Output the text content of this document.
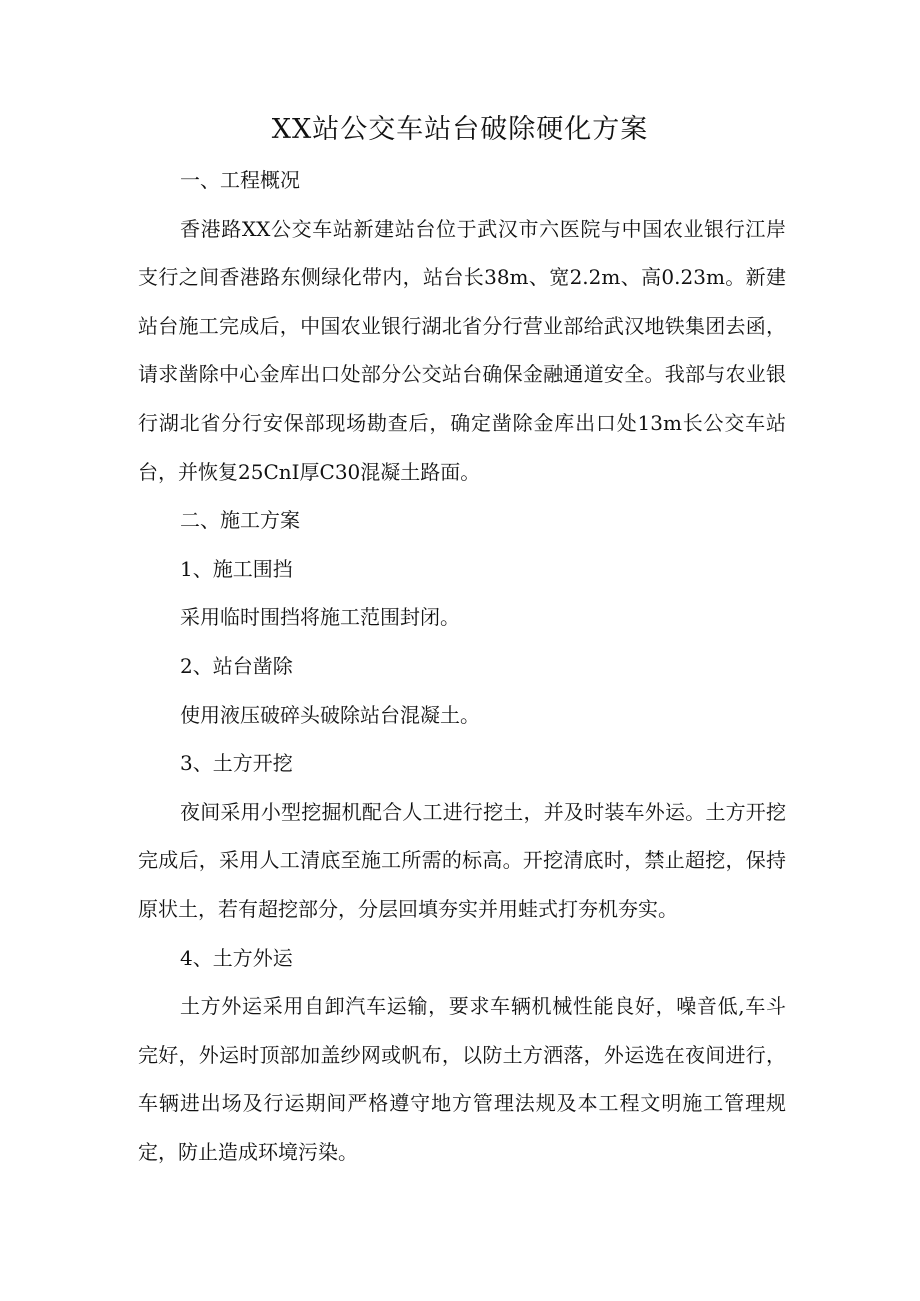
XX站公交车站台破除硬化方案

一、工程概况

香港路XX公交车站新建站台位于武汉市六医院与中国农业银行江岸支行之间香港路东侧绿化带内，站台长38m、宽2.2m、高0.23m。新建站台施工完成后，中国农业银行湖北省分行营业部给武汉地铁集团去函，请求凿除中心金库出口处部分公交站台确保金融通道安全。我部与农业银行湖北省分行安保部现场勘查后，确定凿除金库出口处13m长公交车站台，并恢复25CnI厚C30混凝土路面。

二、施工方案

1、施工围挡

采用临时围挡将施工范围封闭。

2、站台凿除

使用液压破碎头破除站台混凝土。

3、土方开挖

夜间采用小型挖掘机配合人工进行挖土，并及时装车外运。土方开挖完成后，采用人工清底至施工所需的标高。开挖清底时，禁止超挖，保持原状土，若有超挖部分，分层回填夯实并用蛙式打夯机夯实。

4、土方外运

土方外运采用自卸汽车运输，要求车辆机械性能良好，噪音低,车斗完好，外运时顶部加盖纱网或帆布，以防土方洒落，外运选在夜间进行，车辆进出场及行运期间严格遵守地方管理法规及本工程文明施工管理规定，防止造成环境污染。
